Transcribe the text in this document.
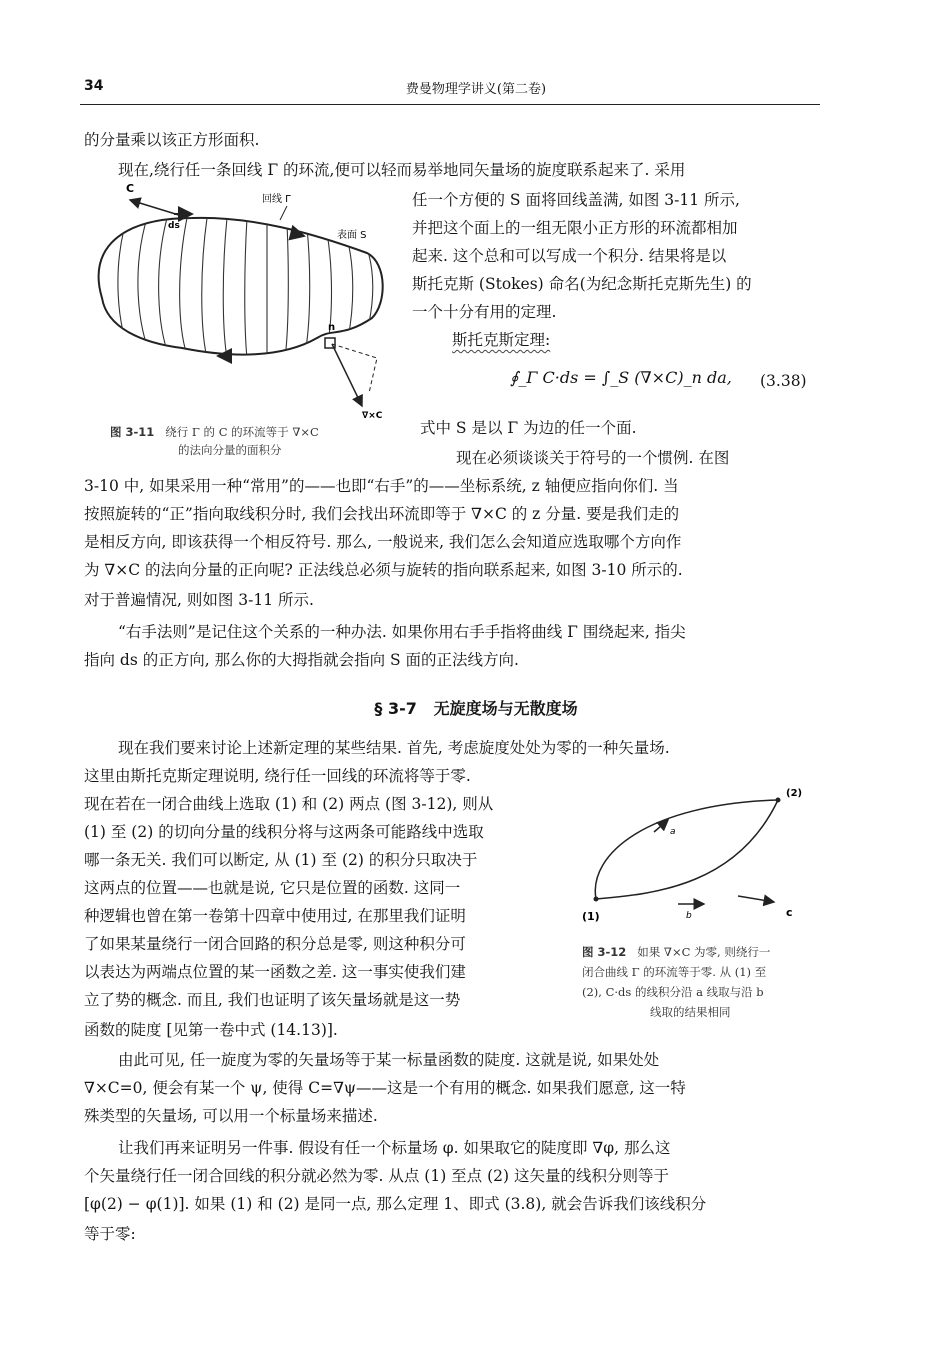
34	费曼物理学讲义(第二卷)
的分量乘以该正方形面积.
现在,绕行任一条回线 Γ 的环流,便可以轻而易举地同矢量场的旋度联系起来了. 采用
任一个方便的 S 面将回线盖满, 如图 3-11 所示,
并把这个面上的一组无限小正方形的环流都相加
起来. 这个总和可以写成一个积分. 结果将是以
斯托克斯 (Stokes) 命名(为纪念斯托克斯先生) 的
一个十分有用的定理.
斯托克斯定理:
∮_Γ C·ds = ∫_S (∇×C)_n da, (3.38)
式中 S 是以 Γ 为边的任一个面.
现在必须谈谈关于符号的一个惯例. 在图
3-10 中, 如果采用一种“常用”的——也即“右手”的——坐标系统, z 轴便应指向你们. 当
按照旋转的“正”指向取线积分时, 我们会找出环流即等于 ∇×C 的 z 分量. 要是我们走的
是相反方向, 即该获得一个相反符号. 那么, 一般说来, 我们怎么会知道应选取哪个方向作
为 ∇×C 的法向分量的正向呢? 正法线总必须与旋转的指向联系起来, 如图 3-10 所示的.
对于普遍情况, 则如图 3-11 所示.
“右手法则”是记住这个关系的一种办法. 如果你用右手手指将曲线 Γ 围绕起来, 指尖
指向 ds 的正方向, 那么你的大拇指就会指向 S 面的正法线方向.
§ 3-7 无旋度场与无散度场
现在我们要来讨论上述新定理的某些结果. 首先, 考虑旋度处处为零的一种矢量场.
这里由斯托克斯定理说明, 绕行任一回线的环流将等于零.
现在若在一闭合曲线上选取 (1) 和 (2) 两点 (图 3-12), 则从
(1) 至 (2) 的切向分量的线积分将与这两条可能路线中选取
哪一条无关. 我们可以断定, 从 (1) 至 (2) 的积分只取决于
这两点的位置——也就是说, 它只是位置的函数. 这同一
种逻辑也曾在第一卷第十四章中使用过, 在那里我们证明
了如果某量绕行一闭合回路的积分总是零, 则这种积分可
以表达为两端点位置的某一函数之差. 这一事实使我们建
立了势的概念. 而且, 我们也证明了该矢量场就是这一势
函数的陡度 [见第一卷中式 (14.13)].
由此可见, 任一旋度为零的矢量场等于某一标量函数的陡度. 这就是说, 如果处处
∇×C=0, 便会有某一个 ψ, 使得 C=∇ψ——这是一个有用的概念. 如果我们愿意, 这一特
殊类型的矢量场, 可以用一个标量场来描述.
让我们再来证明另一件事. 假设有任一个标量场 φ. 如果取它的陡度即 ∇φ, 那么这
个矢量绕行任一闭合回线的积分就必然为零. 从点 (1) 至点 (2) 这矢量的线积分则等于
[φ(2) − φ(1)]. 如果 (1) 和 (2) 是同一点, 那么定理 1、即式 (3.8), 就会告诉我们该线积分
等于零:
C
ds
回线 Γ
表面 S
n
∇×C
图 3-11 绕行 Γ 的 C 的环流等于 ∇×C
的法向分量的面积分
(2)
(1)
a
b	c
图 3-12 如果 ∇×C 为零, 则绕行一
闭合曲线 Γ 的环流等于零. 从 (1) 至
(2), C·ds 的线积分沿 a 线取与沿 b
线取的结果相同
